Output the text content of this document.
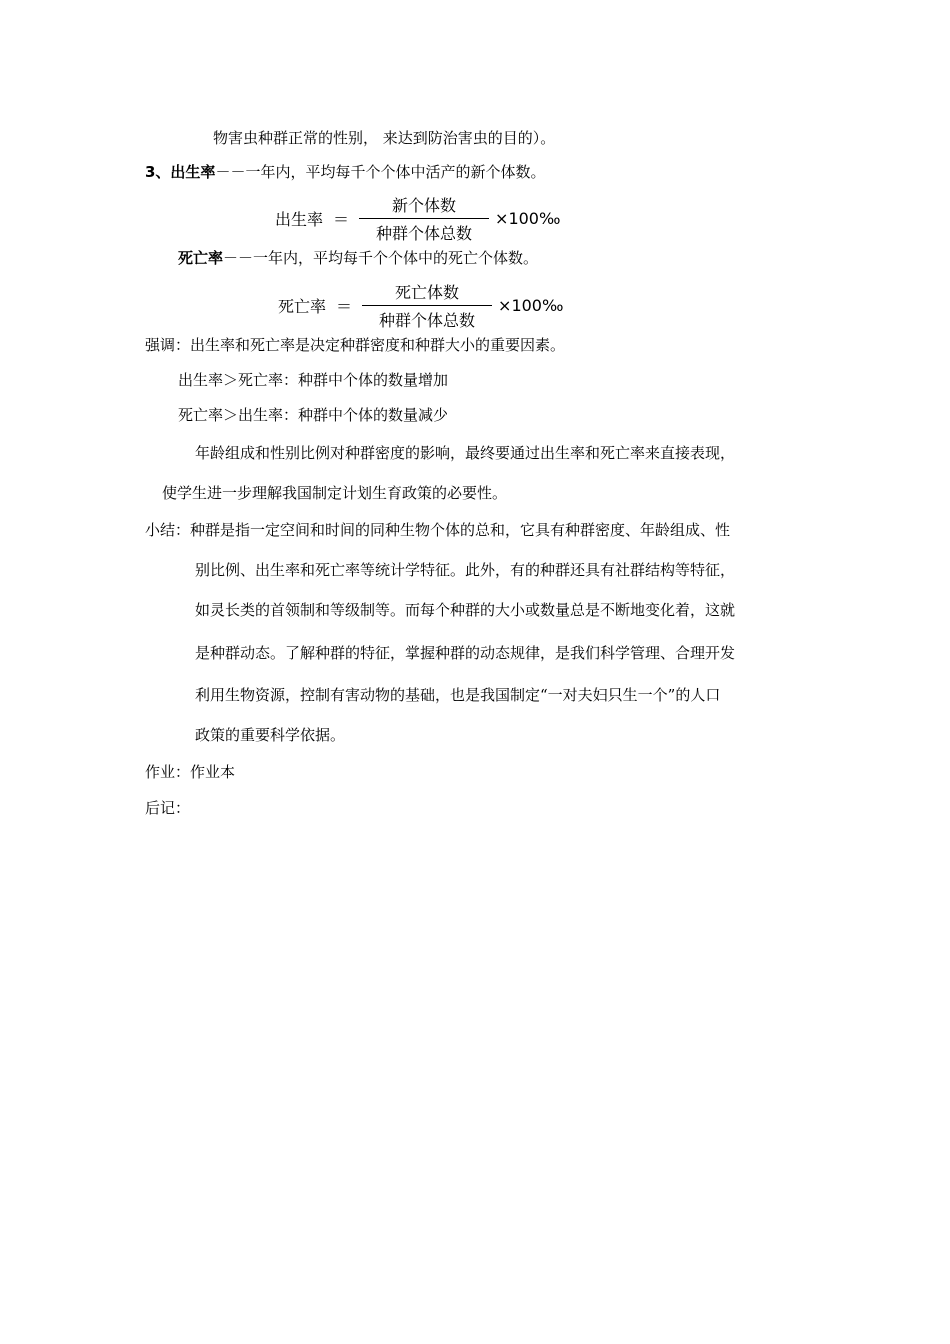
物害虫种群正常的性别， 来达到防治害虫的目的）。
3、出生率－－一年内，平均每千个个体中活产的新个体数。
出生率 ＝ $\frac{\text{新个体数}}{\text{种群个体总数}}$ ×100‰
死亡率－－一年内，平均每千个个体中的死亡个体数。
死亡率 ＝ $\frac{\text{死亡体数}}{\text{种群个体总数}}$ ×100‰
强调：出生率和死亡率是决定种群密度和种群大小的重要因素。
出生率＞死亡率：种群中个体的数量增加
死亡率＞出生率：种群中个体的数量减少
年龄组成和性别比例对种群密度的影响，最终要通过出生率和死亡率来直接表现，
使学生进一步理解我国制定计划生育政策的必要性。
小结：种群是指一定空间和时间的同种生物个体的总和，它具有种群密度、年龄组成、性
别比例、出生率和死亡率等统计学特征。此外，有的种群还具有社群结构等特征，
如灵长类的首领制和等级制等。而每个种群的大小或数量总是不断地变化着，这就
是种群动态。了解种群的特征，掌握种群的动态规律，是我们科学管理、合理开发
利用生物资源，控制有害动物的基础，也是我国制定“一对夫妇只生一个”的人口
政策的重要科学依据。
作业：作业本
后记：
